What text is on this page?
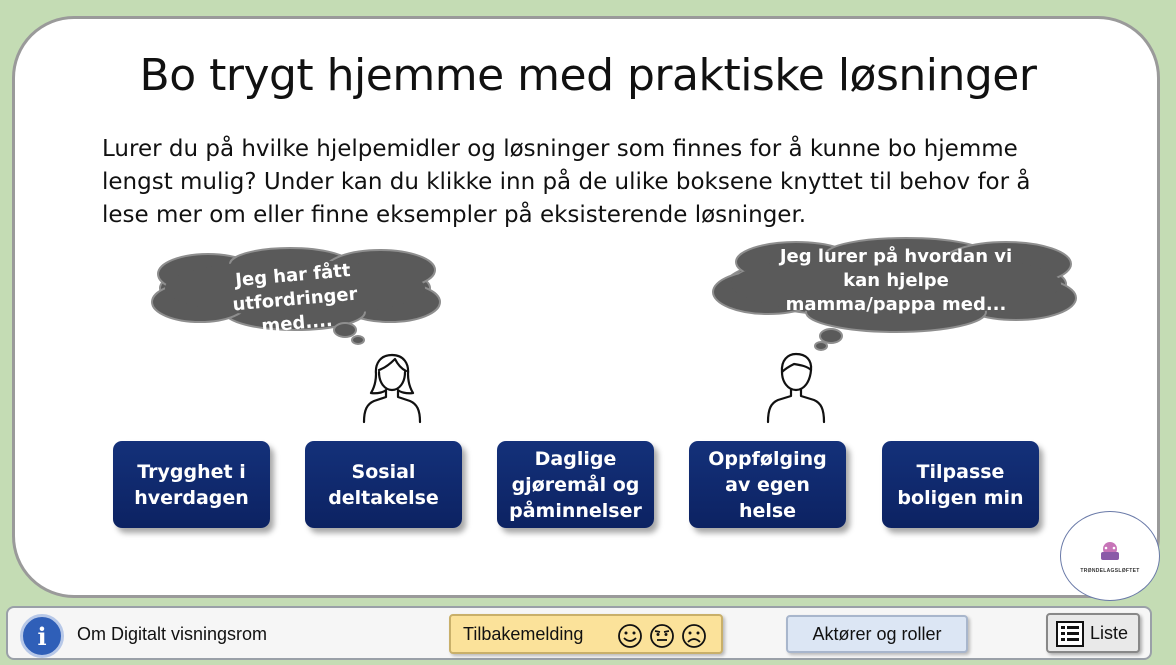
Bo trygt hjemme med praktiske løsninger
Lurer du på hvilke hjelpemidler og løsninger som finnes for å kunne bo hjemme lengst mulig? Under kan du klikke inn på de ulike boksene knyttet til behov for å lese mer om eller finne eksempler på eksisterende løsninger.
Jeg har fått
utfordringer med....
Jeg lurer på hvordan vi
kan hjelpe
mamma/pappa med...
Trygghet i hverdagen
Sosial deltakelse
Daglige gjøremål og påminnelser
Oppfølging av egen helse
Tilpasse boligen min
TRØNDELAGSLØFTET
i	Om Digitalt visningsrom	Tilbakemelding	Aktører og roller	Liste
